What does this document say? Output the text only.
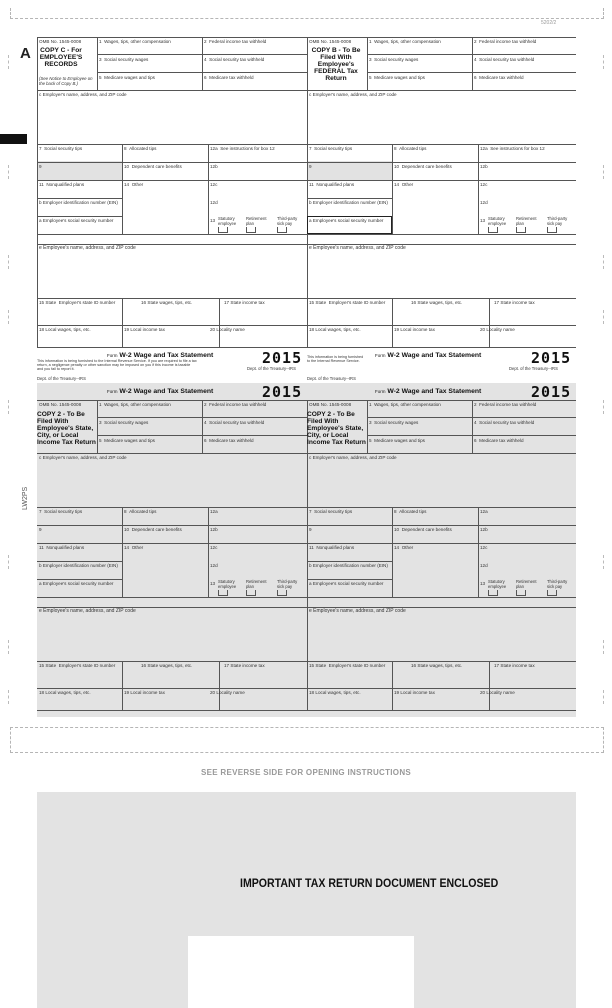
5202/2
A
LW2PS
OMB No. 1545-0008
COPY C - For EMPLOYEE'S RECORDS
(See Notice to Employee on the back of Copy B.)
1 Wages, tips, other compensation	2 Federal income tax withheld
3 Social security wages	4 Social security tax withheld
5 Medicare wages and tips	6 Medicare tax withheld
c Employer's name, address, and ZIP code
7 Social security tips	8 Allocated tips	12a See instructions for box 12
9	10 Dependent care benefits	12b
11 Nonqualified plans	14 Other	12c
b Employer identification number (EIN)	12d
a Employee's social security number	13 Statutory employee
Retirement plan
Third-party sick pay
e Employee's name, address, and ZIP code
15 State Employer's state ID number	16 State wages, tips, etc.	17 State income tax
18 Local wages, tips, etc.	19 Local income tax	20 Locality name
This information is being furnished to the Internal Revenue Service. If you are required to file a tax return, a negligence penalty or other sanction may be imposed on you if this income is taxable and you fail to report it.
Form W-2 Wage and Tax Statement	2015
Dept. of the Treasury--IRS
Dept. of the Treasury--IRS
OMB No. 1545-0008
COPY B - To Be Filed With Employee's FEDERAL Tax Return
1 Wages, tips, other compensation	2 Federal income tax withheld
3 Social security wages	4 Social security tax withheld
5 Medicare wages and tips	6 Medicare tax withheld
c Employer's name, address, and ZIP code
7 Social security tips	8 Allocated tips	12a See instructions for box 12
9	10 Dependent care benefits	12b
11 Nonqualified plans	14 Other	12c
b Employer identification number (EIN)	12d
a Employee's social security number	13 Statutory employee
Retirement plan
Third-party sick pay
e Employee's name, address, and ZIP code
15 State Employer's state ID number	16 State wages, tips, etc.	17 State income tax
18 Local wages, tips, etc.	19 Local income tax	20 Locality name
This information is being furnished to the Internal Revenue Service.
Form W-2 Wage and Tax Statement	2015
Dept. of the Treasury--IRS
Dept. of the Treasury--IRS
Form W-2 Wage and Tax Statement	2015	Form W-2 Wage and Tax Statement	2015
OMB No. 1545-0008
COPY 2 - To Be Filed With Employee's State, City, or Local Income Tax Return
1 Wages, tips, other compensation	2 Federal income tax withheld
3 Social security wages	4 Social security tax withheld
5 Medicare wages and tips	6 Medicare tax withheld
c Employer's name, address, and ZIP code
7 Social security tips	8 Allocated tips	12a
9	10 Dependent care benefits	12b
11 Nonqualified plans	14 Other	12c
b Employer identification number (EIN)	12d
a Employee's social security number	13 Statutory employee
Retirement plan
Third-party sick pay
e Employee's name, address, and ZIP code
15 State Employer's state ID number	16 State wages, tips, etc.	17 State income tax
18 Local wages, tips, etc.	19 Local income tax	20 Locality name
OMB No. 1545-0008
COPY 2 - To Be Filed With Employee's State, City, or Local Income Tax Return
1 Wages, tips, other compensation	2 Federal income tax withheld
3 Social security wages	4 Social security tax withheld
5 Medicare wages and tips	6 Medicare tax withheld
c Employer's name, address, and ZIP code
7 Social security tips	8 Allocated tips	12a
9	10 Dependent care benefits	12b
11 Nonqualified plans	14 Other	12c
b Employer identification number (EIN)	12d
a Employee's social security number	13 Statutory employee
Retirement plan
Third-party sick pay
e Employee's name, address, and ZIP code
15 State Employer's state ID number	16 State wages, tips, etc.	17 State income tax
18 Local wages, tips, etc.	19 Local income tax	20 Locality name
SEE REVERSE SIDE FOR OPENING INSTRUCTIONS
IMPORTANT TAX RETURN DOCUMENT ENCLOSED
